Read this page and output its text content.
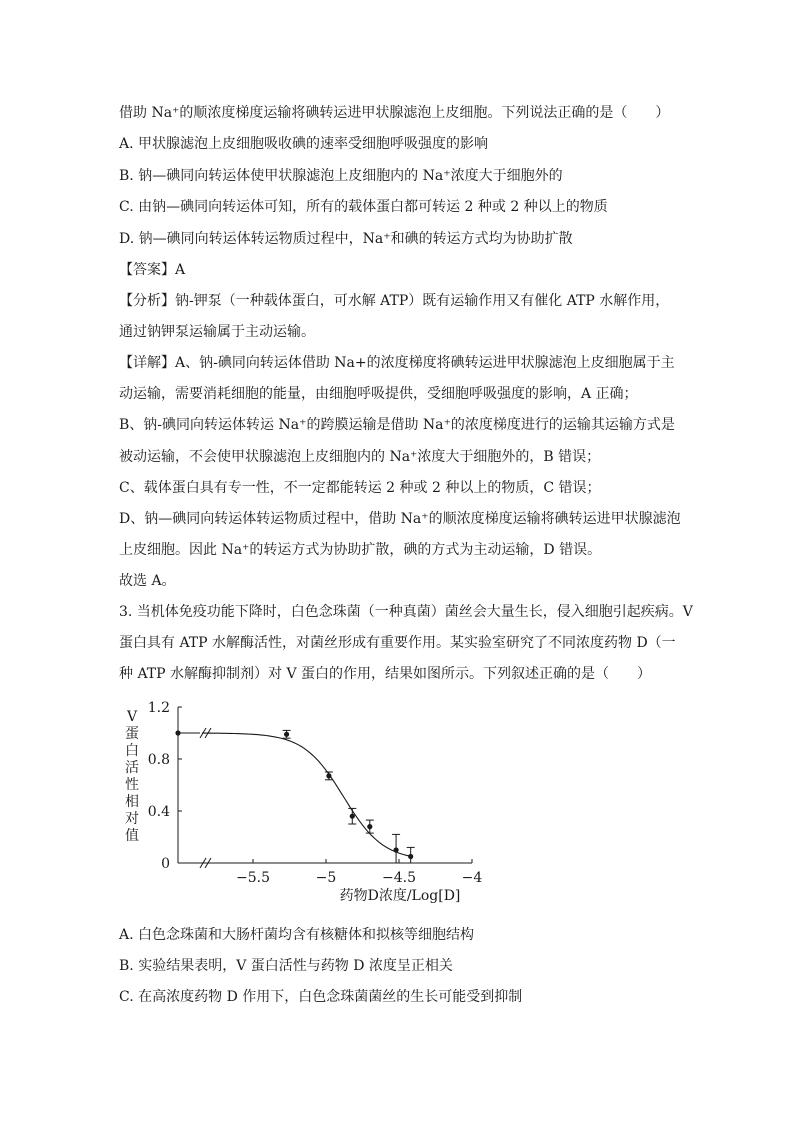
借助 Na⁺的顺浓度梯度运输将碘转运进甲状腺滤泡上皮细胞。下列说法正确的是（　　）
A. 甲状腺滤泡上皮细胞吸收碘的速率受细胞呼吸强度的影响
B. 钠—碘同向转运体使甲状腺滤泡上皮细胞内的 Na⁺浓度大于细胞外的
C. 由钠—碘同向转运体可知，所有的载体蛋白都可转运 2 种或 2 种以上的物质
D. 钠—碘同向转运体转运物质过程中，Na⁺和碘的转运方式均为协助扩散
【答案】A
【分析】钠-钾泵（一种载体蛋白，可水解 ATP）既有运输作用又有催化 ATP 水解作用，
通过钠钾泵运输属于主动运输。
【详解】A、钠-碘同向转运体借助 Na+的浓度梯度将碘转运进甲状腺滤泡上皮细胞属于主
动运输，需要消耗细胞的能量，由细胞呼吸提供，受细胞呼吸强度的影响，A 正确；
B、钠-碘同向转运体转运 Na⁺的跨膜运输是借助 Na⁺的浓度梯度进行的运输其运输方式是
被动运输，不会使甲状腺滤泡上皮细胞内的 Na⁺浓度大于细胞外的，B 错误；
C、载体蛋白具有专一性，不一定都能转运 2 种或 2 种以上的物质，C 错误；
D、钠—碘同向转运体转运物质过程中，借助 Na⁺的顺浓度梯度运输将碘转运进甲状腺滤泡
上皮细胞。因此 Na⁺的转运方式为协助扩散，碘的方式为主动运输，D 错误。
故选 A。
3. 当机体免疫功能下降时，白色念珠菌（一种真菌）菌丝会大量生长，侵入细胞引起疾病。V
蛋白具有 ATP 水解酶活性，对菌丝形成有重要作用。某实验室研究了不同浓度药物 D（一
种 ATP 水解酶抑制剂）对 V 蛋白的作用，结果如图所示。下列叙述正确的是（　　）
V
蛋
白
活
性
相
对
值
1.2
0.8
0.4
0
−5.5	−5	−4.5	−4
药物D浓度/Log[D]
A. 白色念珠菌和大肠杆菌均含有核糖体和拟核等细胞结构
B. 实验结果表明，V 蛋白活性与药物 D 浓度呈正相关
C. 在高浓度药物 D 作用下，白色念珠菌菌丝的生长可能受到抑制
